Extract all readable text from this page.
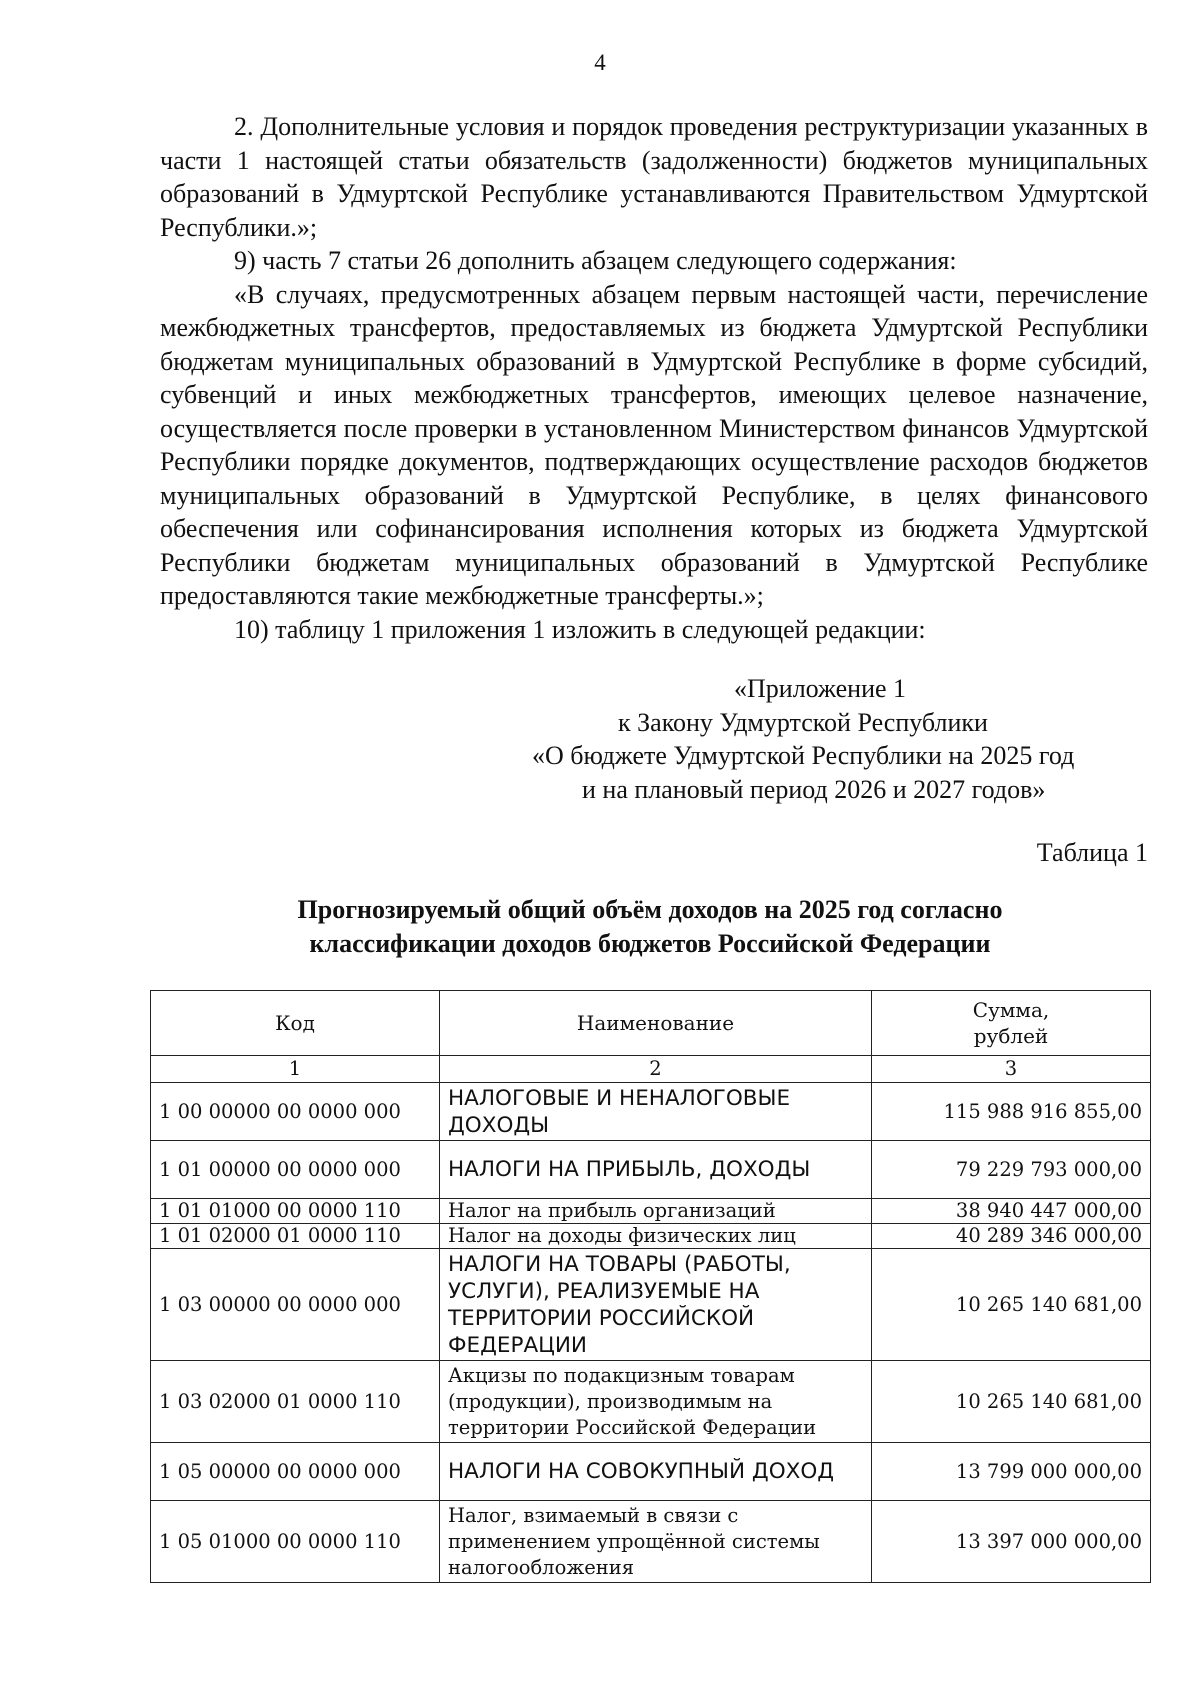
4

2. Дополнительные условия и порядок проведения реструктуризации указанных в части 1 настоящей статьи обязательств (задолженности) бюджетов муниципальных образований в Удмуртской Республике устанавливаются Правительством Удмуртской Республики.»;

9) часть 7 статьи 26 дополнить абзацем следующего содержания:

«В случаях, предусмотренных абзацем первым настоящей части, перечисление межбюджетных трансфертов, предоставляемых из бюджета Удмуртской Республики бюджетам муниципальных образований в Удмуртской Республике в форме субсидий, субвенций и иных межбюджетных трансфертов, имеющих целевое назначение, осуществляется после проверки в установленном Министерством финансов Удмуртской Республики порядке документов, подтверждающих осуществление расходов бюджетов муниципальных образований в Удмуртской Республике, в целях финансового обеспечения или софинансирования исполнения которых из бюджета Удмуртской Республики бюджетам муниципальных образований в Удмуртской Республике предоставляются такие межбюджетные трансферты.»;

10) таблицу 1 приложения 1 изложить в следующей редакции:

«Приложение 1
к Закону Удмуртской Республики
«О бюджете Удмуртской Республики на 2025 год
и на плановый период 2026 и 2027 годов»
Таблица 1
Прогнозируемый общий объём доходов на 2025 год согласно
классификации доходов бюджетов Российской Федерации
Код	Наименование	Сумма,
рублей
1	2	3
1 00 00000 00 0000 000	НАЛОГОВЫЕ И НЕНАЛОГОВЫЕ ДОХОДЫ	115 988 916 855,00
1 01 00000 00 0000 000	НАЛОГИ НА ПРИБЫЛЬ, ДОХОДЫ	79 229 793 000,00
1 01 01000 00 0000 110	Налог на прибыль организаций	38 940 447 000,00
1 01 02000 01 0000 110	Налог на доходы физических лиц	40 289 346 000,00
1 03 00000 00 0000 000	НАЛОГИ НА ТОВАРЫ (РАБОТЫ, УСЛУГИ), РЕАЛИЗУЕМЫЕ НА ТЕРРИТОРИИ РОССИЙСКОЙ ФЕДЕРАЦИИ	10 265 140 681,00
1 03 02000 01 0000 110	Акцизы по подакцизным товарам (продукции), производимым на территории Российской Федерации	10 265 140 681,00
1 05 00000 00 0000 000	НАЛОГИ НА СОВОКУПНЫЙ ДОХОД	13 799 000 000,00
1 05 01000 00 0000 110	Налог, взимаемый в связи с применением упрощённой системы налогообложения	13 397 000 000,00
